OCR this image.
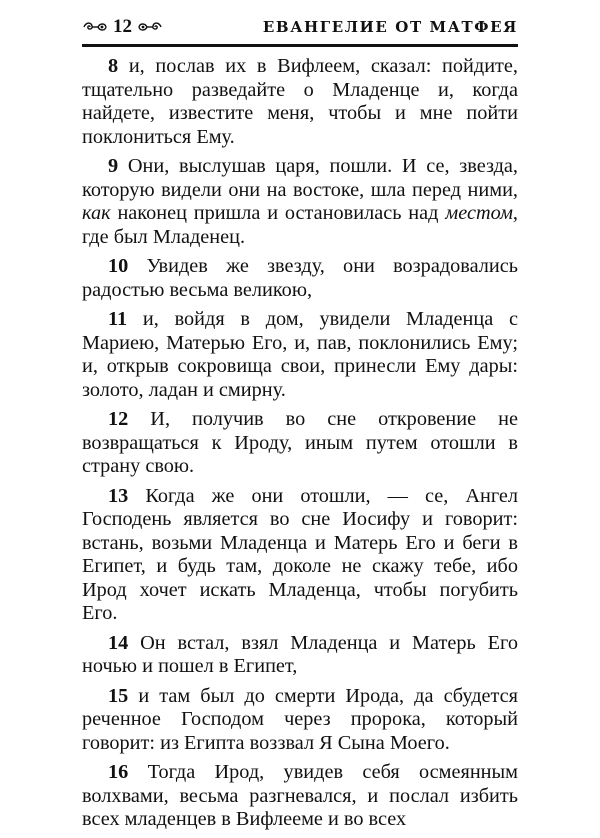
12	ЕВАНГЕЛИЕ ОТ МАТФЕЯ

8 и, послав их в Вифлеем, сказал: пойдите, тщательно разведайте о Младенце и, когда найдете, известите меня, чтобы и мне пойти поклониться Ему.

9 Они, выслушав царя, пошли. И се, звезда, которую видели они на востоке, шла перед ними, как наконец пришла и остановилась над местом, где был Младенец.

10 Увидев же звезду, они возрадовались радостью весьма великою,

11 и, войдя в дом, увидели Младенца с Мариею, Матерью Его, и, пав, поклонились Ему; и, открыв сокровища свои, принесли Ему дары: золото, ладан и смирну.

12 И, получив во сне откровение не возвращаться к Ироду, иным путем отошли в страну свою.

13 Когда же они отошли, — се, Ангел Господень является во сне Иосифу и говорит: встань, возьми Младенца и Матерь Его и беги в Египет, и будь там, доколе не скажу тебе, ибо Ирод хочет искать Младенца, чтобы погубить Его.

14 Он встал, взял Младенца и Матерь Его ночью и пошел в Египет,

15 и там был до смерти Ирода, да сбудется реченное Господом через пророка, который говорит: из Египта воззвал Я Сына Моего.

16 Тогда Ирод, увидев себя осмеянным волхвами, весьма разгневался, и послал избить всех младенцев в Вифлееме и во всех
